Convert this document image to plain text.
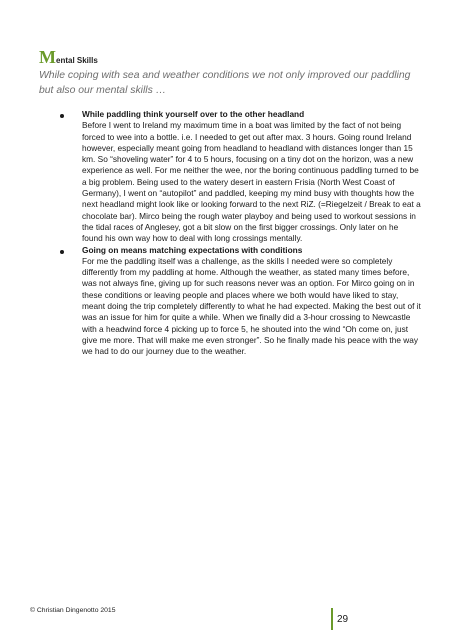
Mental Skills
While coping with sea and weather conditions we not only improved our paddling but also our mental skills …
While paddling think yourself over to the other headland
Before I went to Ireland my maximum time in a boat was limited by the fact of not being forced to wee into a bottle. i.e. I needed to get out after max. 3 hours. Going round Ireland however, especially meant going from headland to headland with distances longer than 15 km. So “shoveling water” for 4 to 5 hours, focusing on a tiny dot on the horizon, was a new experience as well. For me neither the wee, nor the boring continuous paddling turned to be a big problem. Being used to the watery desert in eastern Frisia (North West Coast of Germany), I went on “autopilot” and paddled, keeping my mind busy with thoughts how the next headland might look like or looking forward to the next RiZ. (=Riegelzeit / Break to eat a chocolate bar). Mirco being the rough water playboy and being used to workout sessions in the tidal races of Anglesey, got a bit slow on the first bigger crossings. Only later on he found his own way how to deal with long crossings mentally.
Going on means matching expectations with conditions
For me the paddling itself was a challenge, as the skills I needed were so completely differently from my paddling at home. Although the weather, as stated many times before, was not always fine, giving up for such reasons never was an option. For Mirco going on in these conditions or leaving people and places where we both would have liked to stay, meant doing the trip completely differently to what he had expected. Making the best out of it was an issue for him for quite a while. When we finally did a 3-hour crossing to Newcastle with a headwind force 4 picking up to force 5, he shouted into the wind “Oh come on, just give me more. That will make me even stronger”. So he finally made his peace with the way we had to do our journey due to the weather.
© Christian Dingenotto 2015
29
